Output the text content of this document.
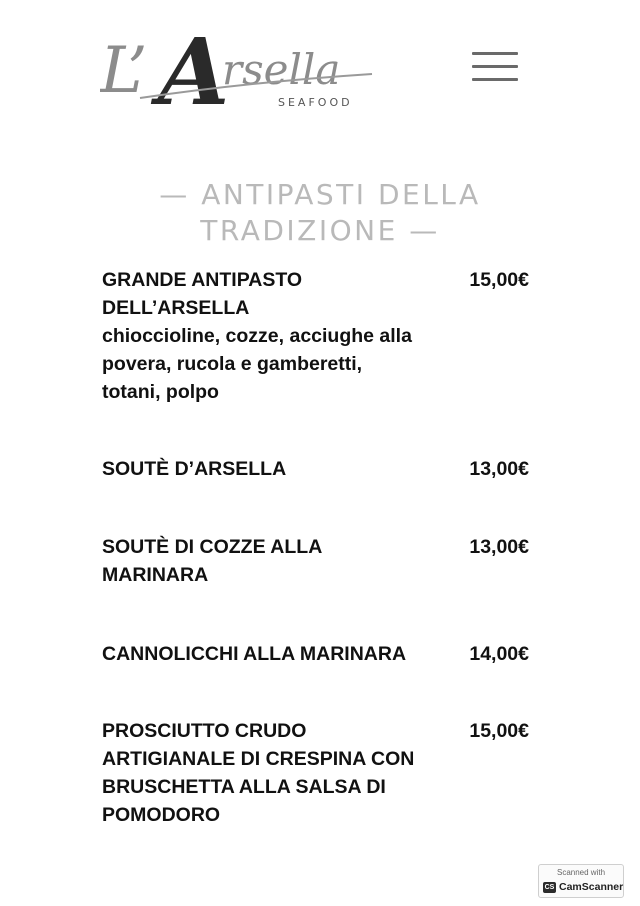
L’ A
rsella
SEAFOOD
— ANTIPASTI DELLA
TRADIZIONE —
GRANDE ANTIPASTO
DELL’ARSELLA
chioccioline, cozze, acciughe alla
povera, rucola e gamberetti,
totani, polpo
15,00€
SOUTÈ D’ARSELLA	13,00€
SOUTÈ DI COZZE ALLA
MARINARA
13,00€
CANNOLICCHI ALLA MARINARA	14,00€
PROSCIUTTO CRUDO
ARTIGIANALE DI CRESPINA CON
BRUSCHETTA ALLA SALSA DI
POMODORO
15,00€
Scanned with
CS CamScanner
